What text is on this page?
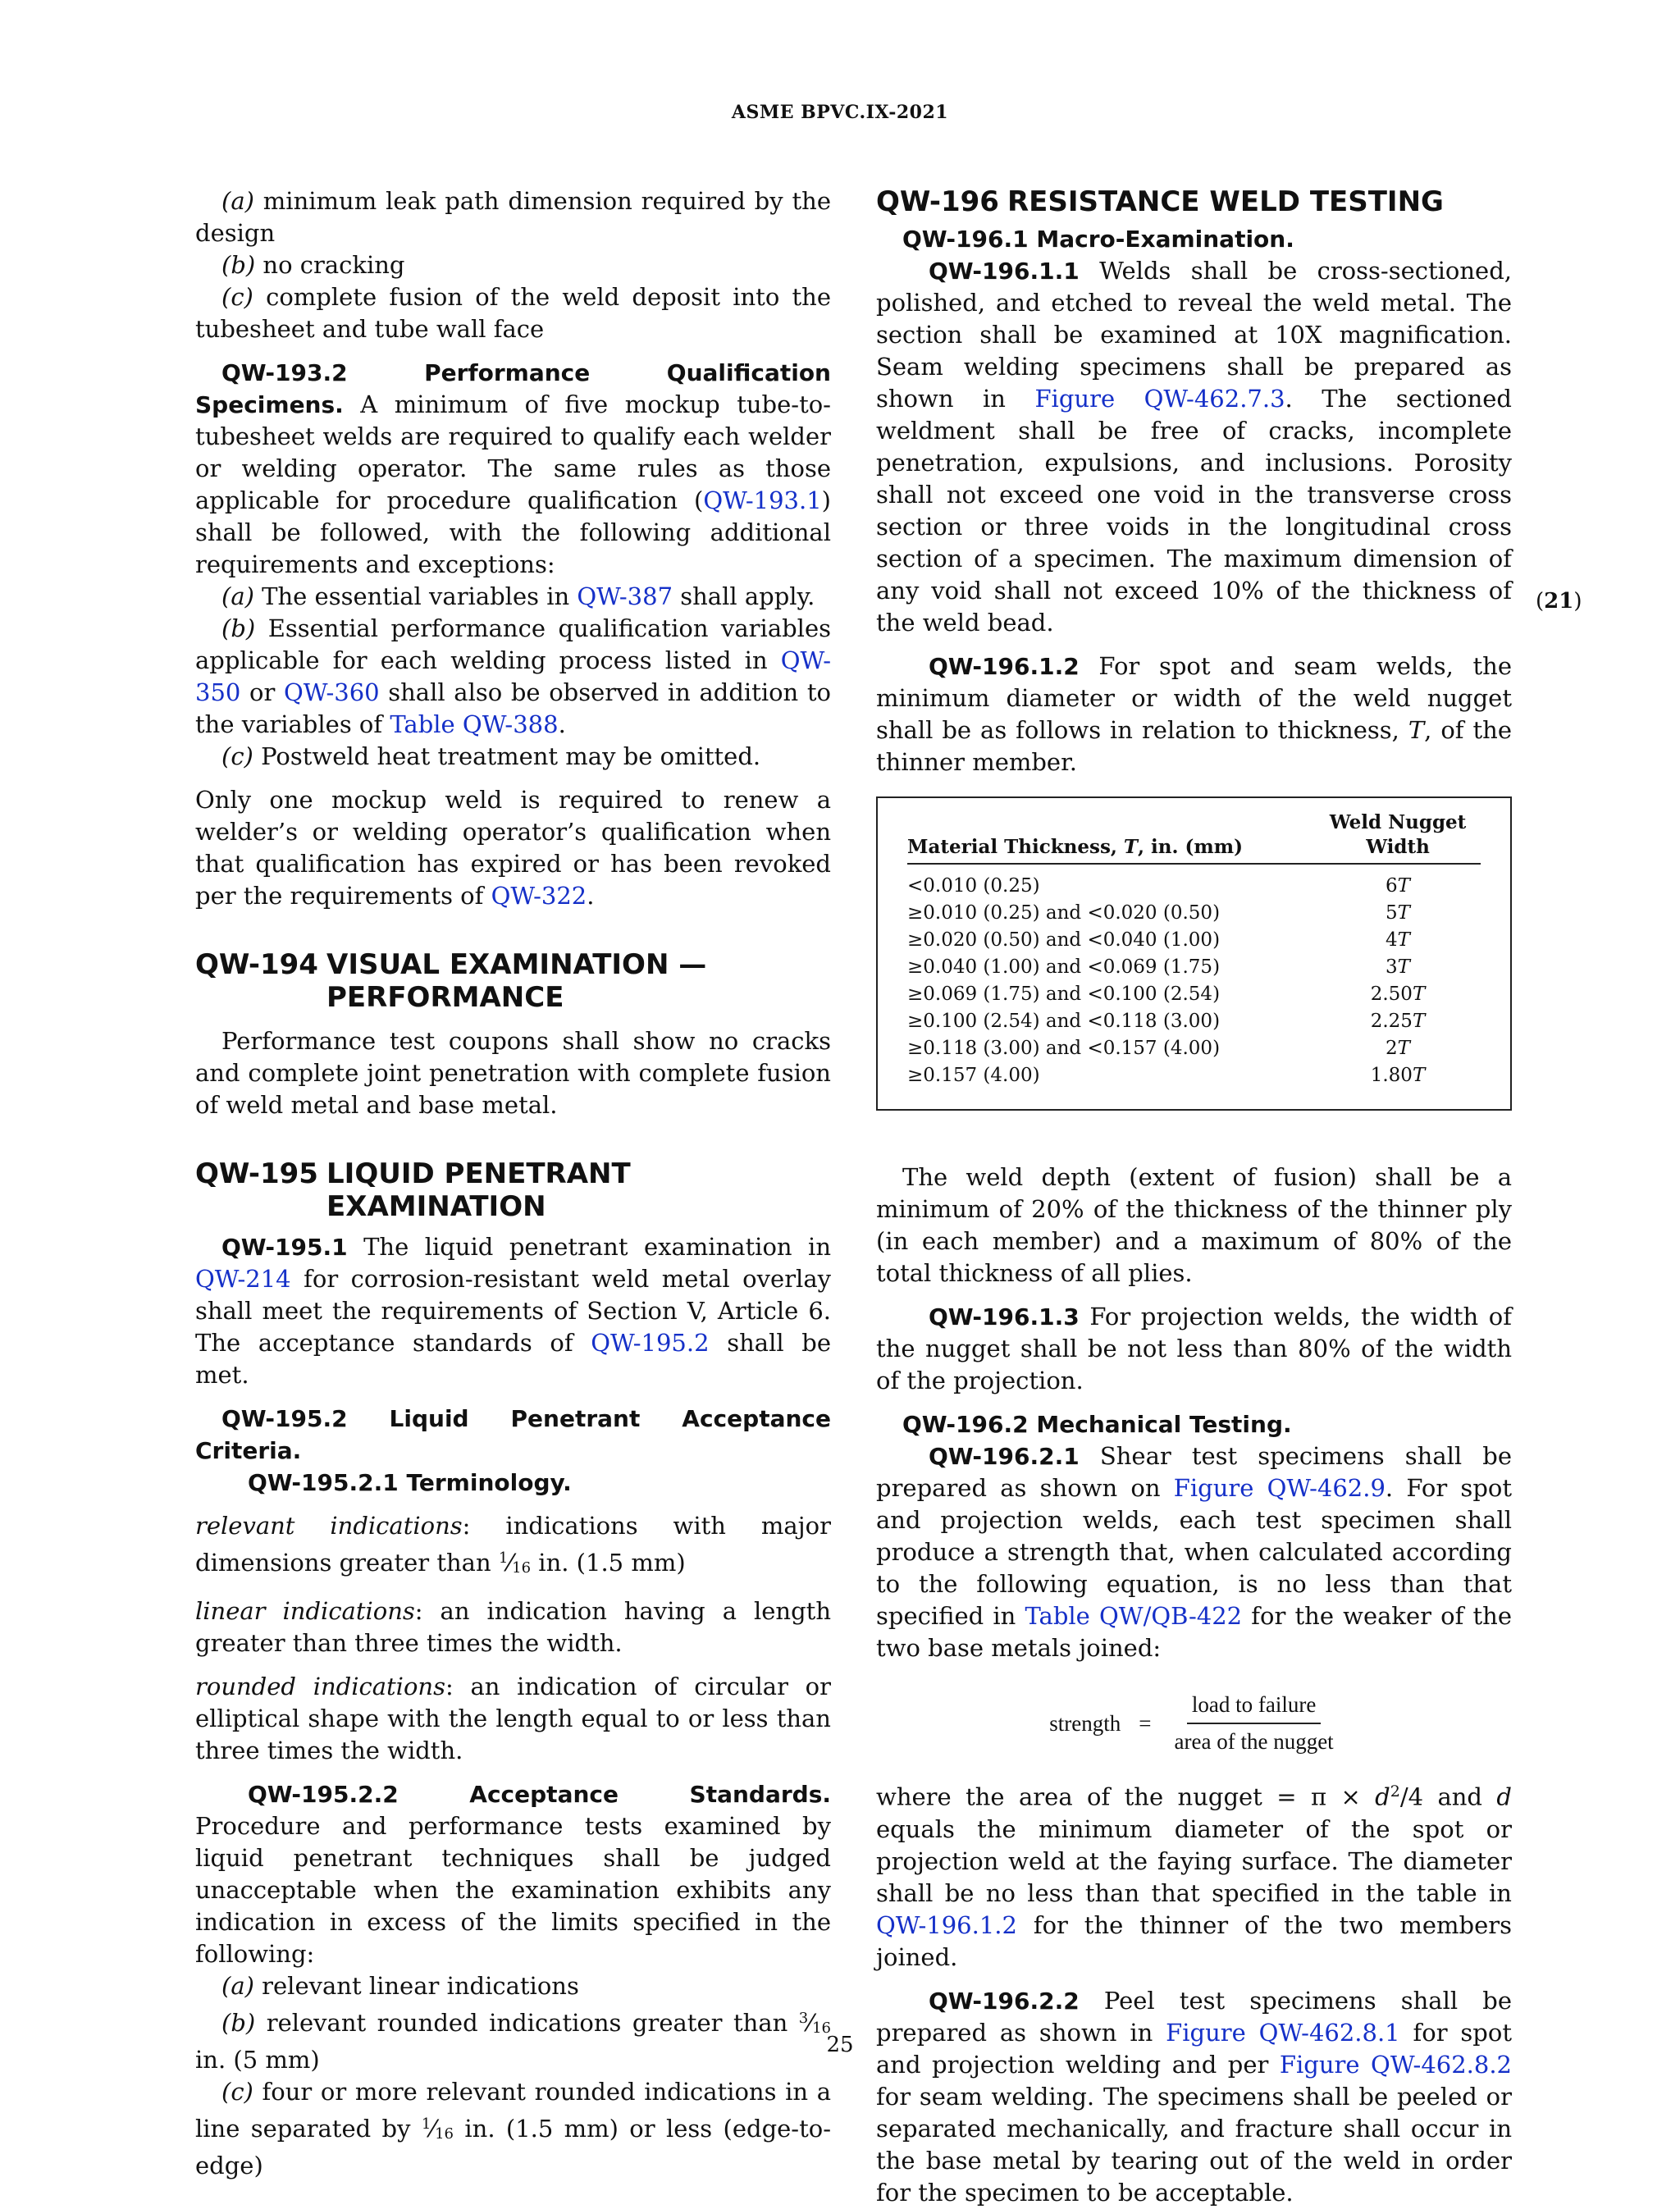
ASME BPVC.IX-2021

(a) minimum leak path dimension required by the design

(b) no cracking

(c) complete fusion of the weld deposit into the tubesheet and tube wall face

QW-193.2 Performance Qualification Specimens. A minimum of five mockup tube-to-tubesheet welds are required to qualify each welder or welding operator. The same rules as those applicable for procedure qualification (QW-193.1) shall be followed, with the following additional requirements and exceptions:

(a) The essential variables in QW-387 shall apply.

(b) Essential performance qualification variables applicable for each welding process listed in QW-350 or QW-360 shall also be observed in addition to the variables of Table QW-388.

(c) Postweld heat treatment may be omitted.

Only one mockup weld is required to renew a welder’s or welding operator’s qualification when that qualification has expired or has been revoked per the requirements of QW-322.

QW-194 VISUAL EXAMINATION —
PERFORMANCE

Performance test coupons shall show no cracks and complete joint penetration with complete fusion of weld metal and base metal.

QW-195 LIQUID PENETRANT EXAMINATION

QW-195.1 The liquid penetrant examination in QW-214 for corrosion-resistant weld metal overlay shall meet the requirements of Section V, Article 6. The acceptance standards of QW-195.2 shall be met.

QW-195.2 Liquid Penetrant Acceptance Criteria.

QW-195.2.1 Terminology.

relevant indications: indications with major dimensions greater than $^1⁄_{16}$ in. (1.5 mm)

linear indications: an indication having a length greater than three times the width.

rounded indications: an indication of circular or elliptical shape with the length equal to or less than three times the width.

QW-195.2.2 Acceptance Standards. Procedure and performance tests examined by liquid penetrant techniques shall be judged unacceptable when the examination exhibits any indication in excess of the limits specified in the following:

(a) relevant linear indications

(b) relevant rounded indications greater than $^3⁄_{16}$ in. (5 mm)

(c) four or more relevant rounded indications in a line separated by $^1⁄_{16}$ in. (1.5 mm) or less (edge-to-edge)

QW-196 RESISTANCE WELD TESTING

QW-196.1 Macro-Examination.

QW-196.1.1 Welds shall be cross-sectioned, polished, and etched to reveal the weld metal. The section shall be examined at 10X magnification. Seam welding specimens shall be prepared as shown in Figure QW-462.7.3. The sectioned weldment shall be free of cracks, incomplete penetration, expulsions, and inclusions. Porosity shall not exceed one void in the transverse cross section or three voids in the longitudinal cross section of a specimen. The maximum dimension of any void shall not exceed 10% of the thickness of the weld bead.

QW-196.1.2 For spot and seam welds, the minimum diameter or width of the weld nugget shall be as follows in relation to thickness, T, of the thinner member.

Material Thickness, T, in. (mm)	Weld Nugget
Width
<0.010 (0.25)	6T
≥0.010 (0.25) and <0.020 (0.50)	5T
≥0.020 (0.50) and <0.040 (1.00)	4T
≥0.040 (1.00) and <0.069 (1.75)	3T
≥0.069 (1.75) and <0.100 (2.54)	2.50T
≥0.100 (2.54) and <0.118 (3.00)	2.25T
≥0.118 (3.00) and <0.157 (4.00)	2T
≥0.157 (4.00)	1.80T

The weld depth (extent of fusion) shall be a minimum of 20% of the thickness of the thinner ply (in each member) and a maximum of 80% of the total thickness of all plies.

QW-196.1.3 For projection welds, the width of the nugget shall be not less than 80% of the width of the projection.

QW-196.2 Mechanical Testing.

QW-196.2.1 Shear test specimens shall be prepared as shown on Figure QW-462.9. For spot and projection welds, each test specimen shall produce a strength that, when calculated according to the following equation, is no less than that specified in Table QW/QB-422 for the weaker of the two base metals joined:

strength = $\frac{\text{load to failure}}{\text{area of the nugget}}$

where the area of the nugget = $\pi \times d^2/4$ and d equals the minimum diameter of the spot or projection weld at the faying surface. The diameter shall be no less than that specified in the table in QW-196.1.2 for the thinner of the two members joined.

QW-196.2.2 Peel test specimens shall be prepared as shown in Figure QW-462.8.1 for spot and projection welding and per Figure QW-462.8.2 for seam welding. The specimens shall be peeled or separated mechanically, and fracture shall occur in the base metal by tearing out of the weld in order for the specimen to be acceptable.

(21)
25
